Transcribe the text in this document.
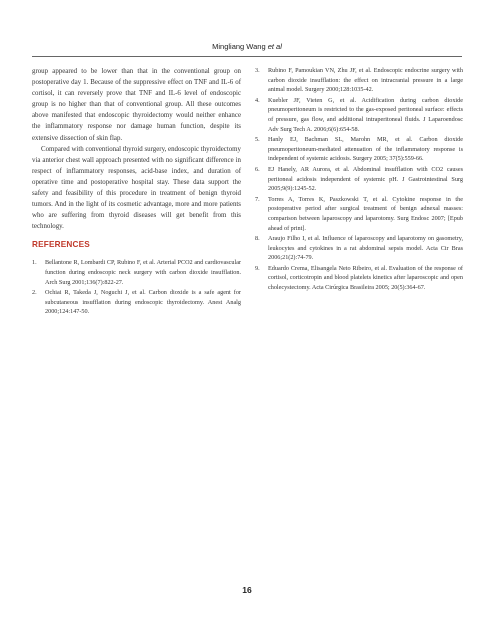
Mingliang Wang et al

group appeared to be lower than that in the conventional group on postoperative day 1. Because of the suppressive effect on TNF and IL-6 of cortisol, it can reversely prove that TNF and IL-6 level of endoscopic group is no higher than that of conventional group. All these outcomes above manifested that endoscopic thyroidectomy would neither enhance the inflammatory response nor damage human function, despite its extensive dissection of skin flap.

Compared with conventional thyroid surgery, endoscopic thyroidectomy via anterior chest wall approach presented with no significant difference in respect of inflammatory responses, acid-base index, and duration of operative time and postoperative hospital stay. These data support the safety and feasibility of this procedure in treatment of benign thyroid tumors. And in the light of its cosmetic advantage, more and more patients who are suffering from thyroid diseases will get benefit from this technology.

REFERENCES
1. Bellantone R, Lombardi CP, Rubino F, et al. Arterial PCO2 and cardiovascular function during endoscopic neck surgery with carbon dioxide insufflation. Arch Surg 2001;136(7):822-27.
2. Ochiai R, Takeda J, Noguchi J, et al. Carbon dioxide is a safe agent for subcutaneous insufflation during endoscopic thyroidectomy. Anest Analg 2000;124:147-50.
3. Rubino F, Pamoukian VN, Zhu JF, et al. Endoscopic endocrine surgery with carbon dioxide insufflation: the effect on intracranial pressure in a large animal model. Surgery 2000;128:1035-42.
4. Kuebler JF, Vieten G, et al. Acidification during carbon dioxide pneumoperitoneum is restricted to the gas-exposed peritoneal surface: effects of pressure, gas flow, and additional intraperitoneal fluids. J Laparoendosc Adv Surg Tech A. 2006;6(6):654-58.
5. Hanly EJ, Bachman SL, Marohn MR, et al. Carbon dioxide pneumoperitoneum-mediated attenuation of the inflammatory response is independent of systemic acidosis. Surgery 2005; 37(5):559-66.
6. EJ Hanely, AR Aurora, et al. Abdominal insufflation with CO2 causes peritoneal acidosis independent of systemic pH. J Gastrointestinal Surg 2005;9(9):1245-52.
7. Torres A, Torres K, Paszkowski T, et al. Cytokine response in the postoperative period after surgical treatment of benign adnexal masses: comparison between laparoscopy and laparotomy. Surg Endosc 2007; [Epub ahead of print].
8. Araujo Filho I, et al. Influence of laparoscopy and laparotomy on gasometry, leukocytes and cytokines in a rat abdominal sepsis model. Acta Cir Bras 2006;21(2):74-79.
9. Eduardo Crema, Elisangela Neto Ribeiro, et al. Evaluation of the response of cortisol, corticotropin and blood platelets kinetics after laparoscopic and open cholecystectomy. Acta Cirúrgica Brasileira 2005; 20(5):364-67.
16
